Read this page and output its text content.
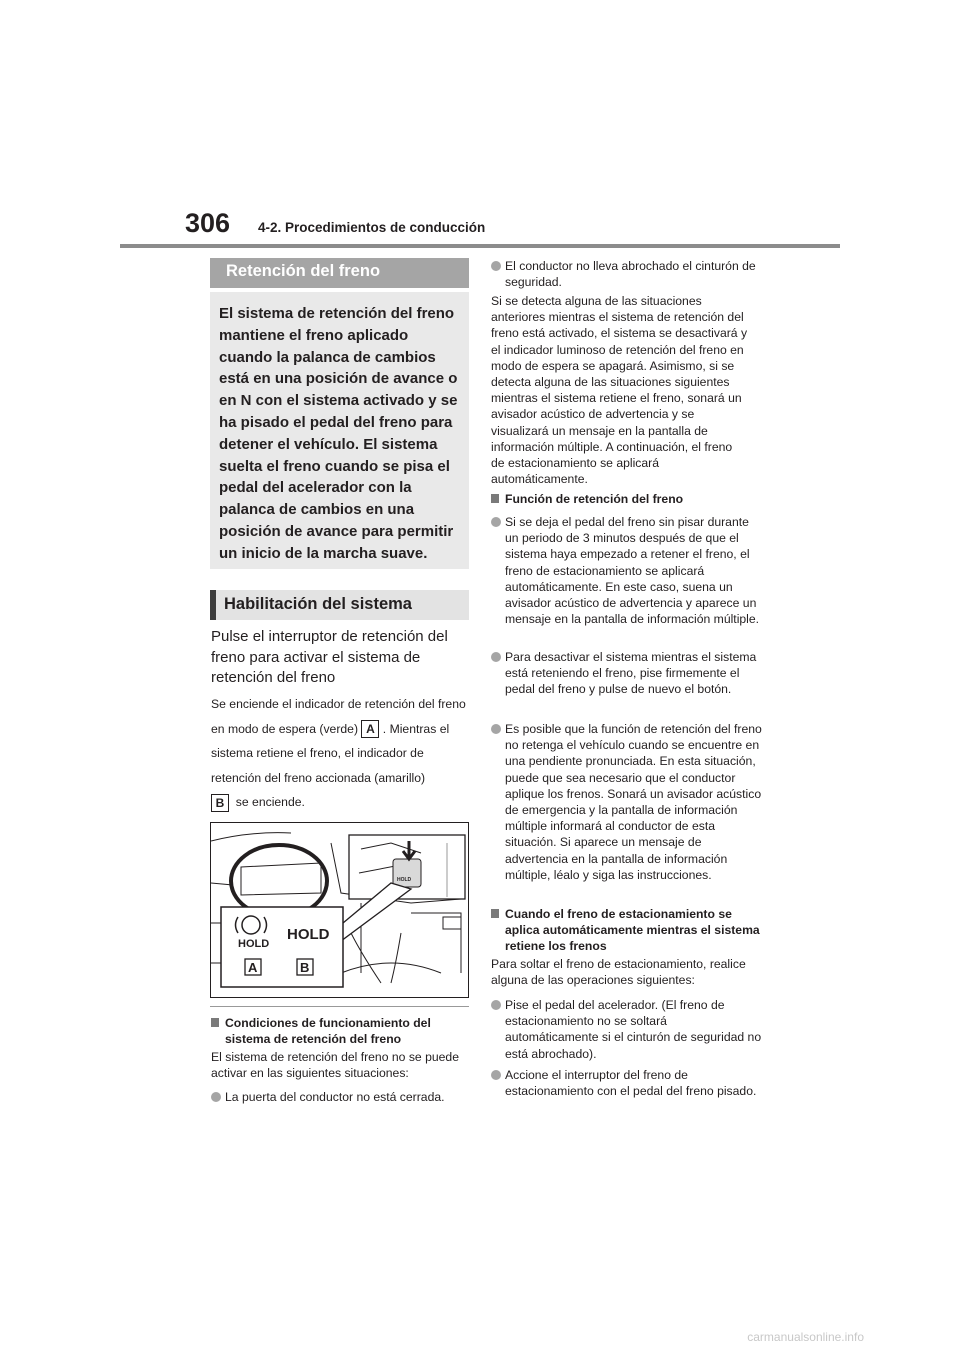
306 4-2. Procedimientos de conducción
Retención del freno

El sistema de retención del freno mantiene el freno aplicado cuando la palanca de cambios está en una posición de avance o en N con el sistema activado y se ha pisado el pedal del freno para detener el vehículo. El sistema suelta el freno cuando se pisa el pedal del acelerador con la palanca de cambios en una posición de avance para permitir un inicio de la marcha suave.

Habilitación del sistema
Pulse el interruptor de retención del freno para activar el sistema de retención del freno
Se enciende el indicador de retención del freno en modo de espera (verde) A . Mientras el sistema retiene el freno, el indicador de retención del freno accionada (amarillo)
B se enciende.
HOLD
HOLD
A	B
HOLD
Condiciones de funcionamiento del sistema de retención del freno
El sistema de retención del freno no se puede activar en las siguientes situaciones:
La puerta del conductor no está cerrada.
El conductor no lleva abrochado el cinturón de seguridad.
Si se detecta alguna de las situaciones anteriores mientras el sistema de retención del freno está activado, el sistema se desactivará y el indicador luminoso de retención del freno en modo de espera se apagará. Asimismo, si se detecta alguna de las situaciones siguientes mientras el sistema retiene el freno, sonará un avisador acústico de advertencia y se visualizará un mensaje en la pantalla de información múltiple. A continuación, el freno de estacionamiento se aplicará automáticamente.
Función de retención del freno
Si se deja el pedal del freno sin pisar durante un periodo de 3 minutos después de que el sistema haya empezado a retener el freno, el freno de estacionamiento se aplicará automáticamente. En este caso, suena un avisador acústico de advertencia y aparece un mensaje en la pantalla de información múltiple.
Para desactivar el sistema mientras el sistema está reteniendo el freno, pise firmemente el pedal del freno y pulse de nuevo el botón.
Es posible que la función de retención del freno no retenga el vehículo cuando se encuentre en una pendiente pronunciada. En esta situación, puede que sea necesario que el conductor aplique los frenos. Sonará un avisador acústico de emergencia y la pantalla de información múltiple informará al conductor de esta situación. Si aparece un mensaje de advertencia en la pantalla de información múltiple, léalo y siga las instrucciones.
Cuando el freno de estacionamiento se aplica automáticamente mientras el sistema retiene los frenos
Para soltar el freno de estacionamiento, realice alguna de las operaciones siguientes:
Pise el pedal del acelerador. (El freno de estacionamiento no se soltará automáticamente si el cinturón de seguridad no está abrochado).
Accione el interruptor del freno de estacionamiento con el pedal del freno pisado.
carmanualsonline.info
